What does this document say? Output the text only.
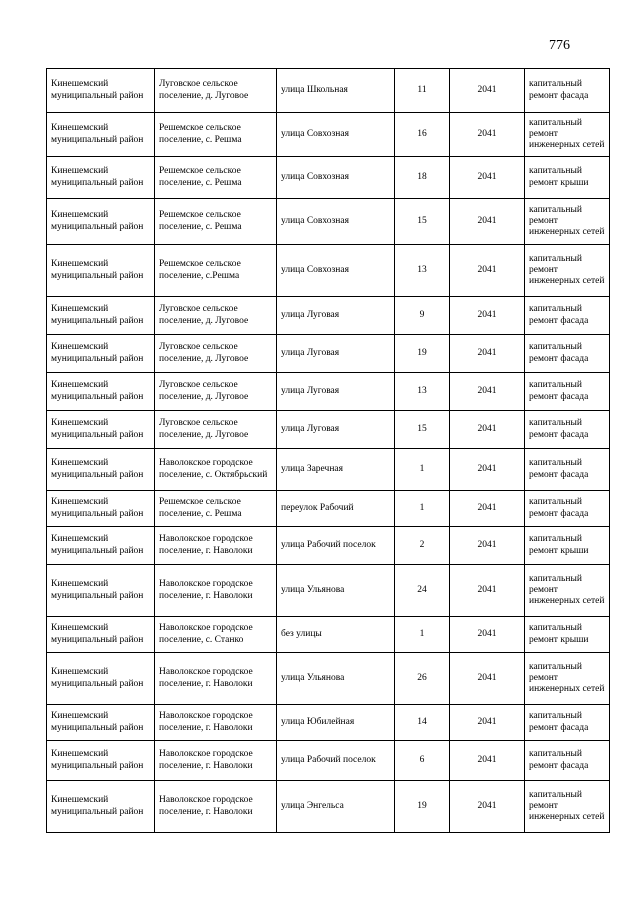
776
Кинешемский муниципальный район	Луговское сельское поселение, д. Луговое	улица Школьная	11	2041	капитальный ремонт фасада
Кинешемский муниципальный район	Решемское сельское поселение, с. Решма	улица Совхозная	16	2041	капитальный ремонт инженерных сетей
Кинешемский муниципальный район	Решемское сельское поселение, с. Решма	улица Совхозная	18	2041	капитальный ремонт крыши
Кинешемский муниципальный район	Решемское сельское поселение, с. Решма	улица Совхозная	15	2041	капитальный ремонт инженерных сетей
Кинешемский муниципальный район	Решемское сельское поселение, с.Решма	улица Совхозная	13	2041	капитальный ремонт инженерных сетей
Кинешемский муниципальный район	Луговское сельское поселение, д. Луговое	улица Луговая	9	2041	капитальный ремонт фасада
Кинешемский муниципальный район	Луговское сельское поселение, д. Луговое	улица Луговая	19	2041	капитальный ремонт фасада
Кинешемский муниципальный район	Луговское сельское поселение, д. Луговое	улица Луговая	13	2041	капитальный ремонт фасада
Кинешемский муниципальный район	Луговское сельское поселение, д. Луговое	улица Луговая	15	2041	капитальный ремонт фасада
Кинешемский муниципальный район	Наволокское городское поселение, с. Октябрьский	улица Заречная	1	2041	капитальный ремонт фасада
Кинешемский муниципальный район	Решемское сельское поселение, с. Решма	переулок Рабочий	1	2041	капитальный ремонт фасада
Кинешемский муниципальный район	Наволокское городское поселение, г. Наволоки	улица Рабочий поселок	2	2041	капитальный ремонт крыши
Кинешемский муниципальный район	Наволокское городское поселение, г. Наволоки	улица Ульянова	24	2041	капитальный ремонт инженерных сетей
Кинешемский муниципальный район	Наволокское городское поселение, с. Станко	без улицы	1	2041	капитальный ремонт крыши
Кинешемский муниципальный район	Наволокское городское поселение, г. Наволоки	улица Ульянова	26	2041	капитальный ремонт инженерных сетей
Кинешемский муниципальный район	Наволокское городское поселение, г. Наволоки	улица Юбилейная	14	2041	капитальный ремонт фасада
Кинешемский муниципальный район	Наволокское городское поселение, г. Наволоки	улица Рабочий поселок	6	2041	капитальный ремонт фасада
Кинешемский муниципальный район	Наволокское городское поселение, г. Наволоки	улица Энгельса	19	2041	капитальный ремонт инженерных сетей
